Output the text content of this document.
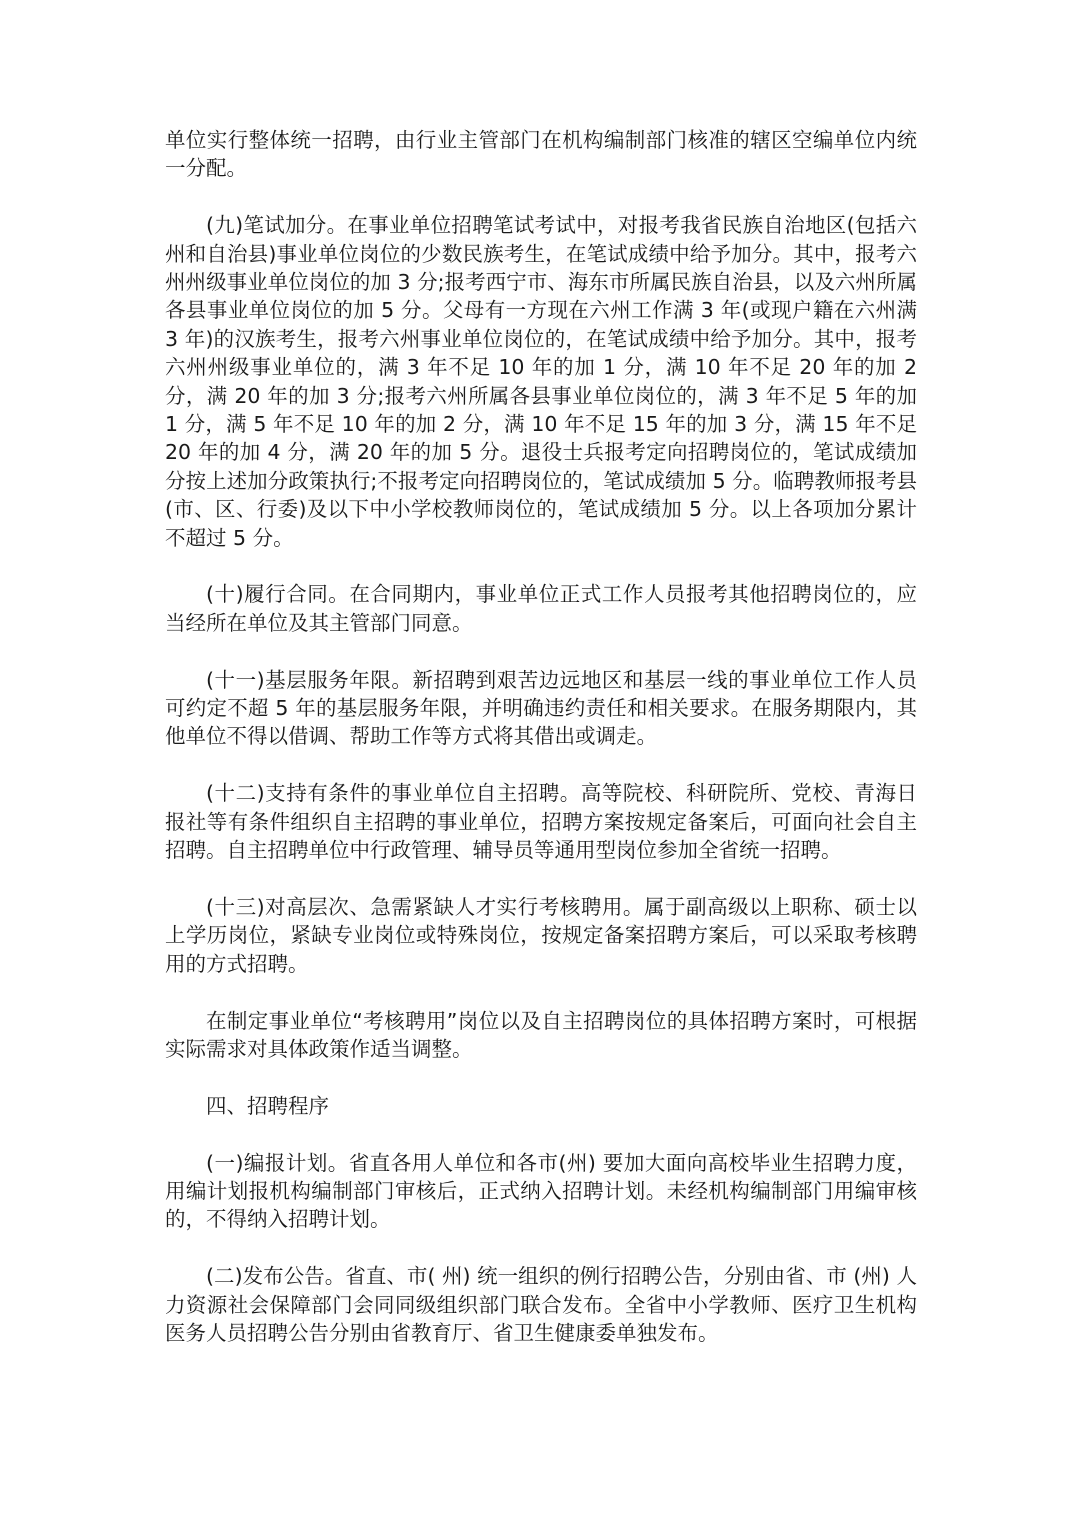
单位实行整体统一招聘，由行业主管部门在机构编制部门核准的辖区空编单位内统一分配。

(九)笔试加分。在事业单位招聘笔试考试中，对报考我省民族自治地区(包括六州和自治县)事业单位岗位的少数民族考生，在笔试成绩中给予加分。其中，报考六州州级事业单位岗位的加 3 分;报考西宁市、海东市所属民族自治县，以及六州所属各县事业单位岗位的加 5 分。父母有一方现在六州工作满 3 年(或现户籍在六州满 3 年)的汉族考生，报考六州事业单位岗位的，在笔试成绩中给予加分。其中，报考六州州级事业单位的，满 3 年不足 10 年的加 1 分，满 10 年不足 20 年的加 2 分，满 20 年的加 3 分;报考六州所属各县事业单位岗位的，满 3 年不足 5 年的加 1 分，满 5 年不足 10 年的加 2 分，满 10 年不足 15 年的加 3 分，满 15 年不足 20 年的加 4 分，满 20 年的加 5 分。退役士兵报考定向招聘岗位的，笔试成绩加分按上述加分政策执行;不报考定向招聘岗位的，笔试成绩加 5 分。临聘教师报考县(市、区、行委)及以下中小学校教师岗位的，笔试成绩加 5 分。以上各项加分累计不超过 5 分。

(十)履行合同。在合同期内，事业单位正式工作人员报考其他招聘岗位的，应当经所在单位及其主管部门同意。

(十一)基层服务年限。新招聘到艰苦边远地区和基层一线的事业单位工作人员可约定不超 5 年的基层服务年限，并明确违约责任和相关要求。在服务期限内，其他单位不得以借调、帮助工作等方式将其借出或调走。

(十二)支持有条件的事业单位自主招聘。高等院校、科研院所、党校、青海日报社等有条件组织自主招聘的事业单位，招聘方案按规定备案后，可面向社会自主招聘。自主招聘单位中行政管理、辅导员等通用型岗位参加全省统一招聘。

(十三)对高层次、急需紧缺人才实行考核聘用。属于副高级以上职称、硕士以上学历岗位，紧缺专业岗位或特殊岗位，按规定备案招聘方案后，可以采取考核聘用的方式招聘。

在制定事业单位“考核聘用”岗位以及自主招聘岗位的具体招聘方案时，可根据实际需求对具体政策作适当调整。

四、招聘程序

(一)编报计划。省直各用人单位和各市(州) 要加大面向高校毕业生招聘力度，用编计划报机构编制部门审核后，正式纳入招聘计划。未经机构编制部门用编审核的，不得纳入招聘计划。

(二)发布公告。省直、市( 州) 统一组织的例行招聘公告，分别由省、市 (州) 人力资源社会保障部门会同同级组织部门联合发布。全省中小学教师、医疗卫生机构医务人员招聘公告分别由省教育厅、省卫生健康委单独发布。
